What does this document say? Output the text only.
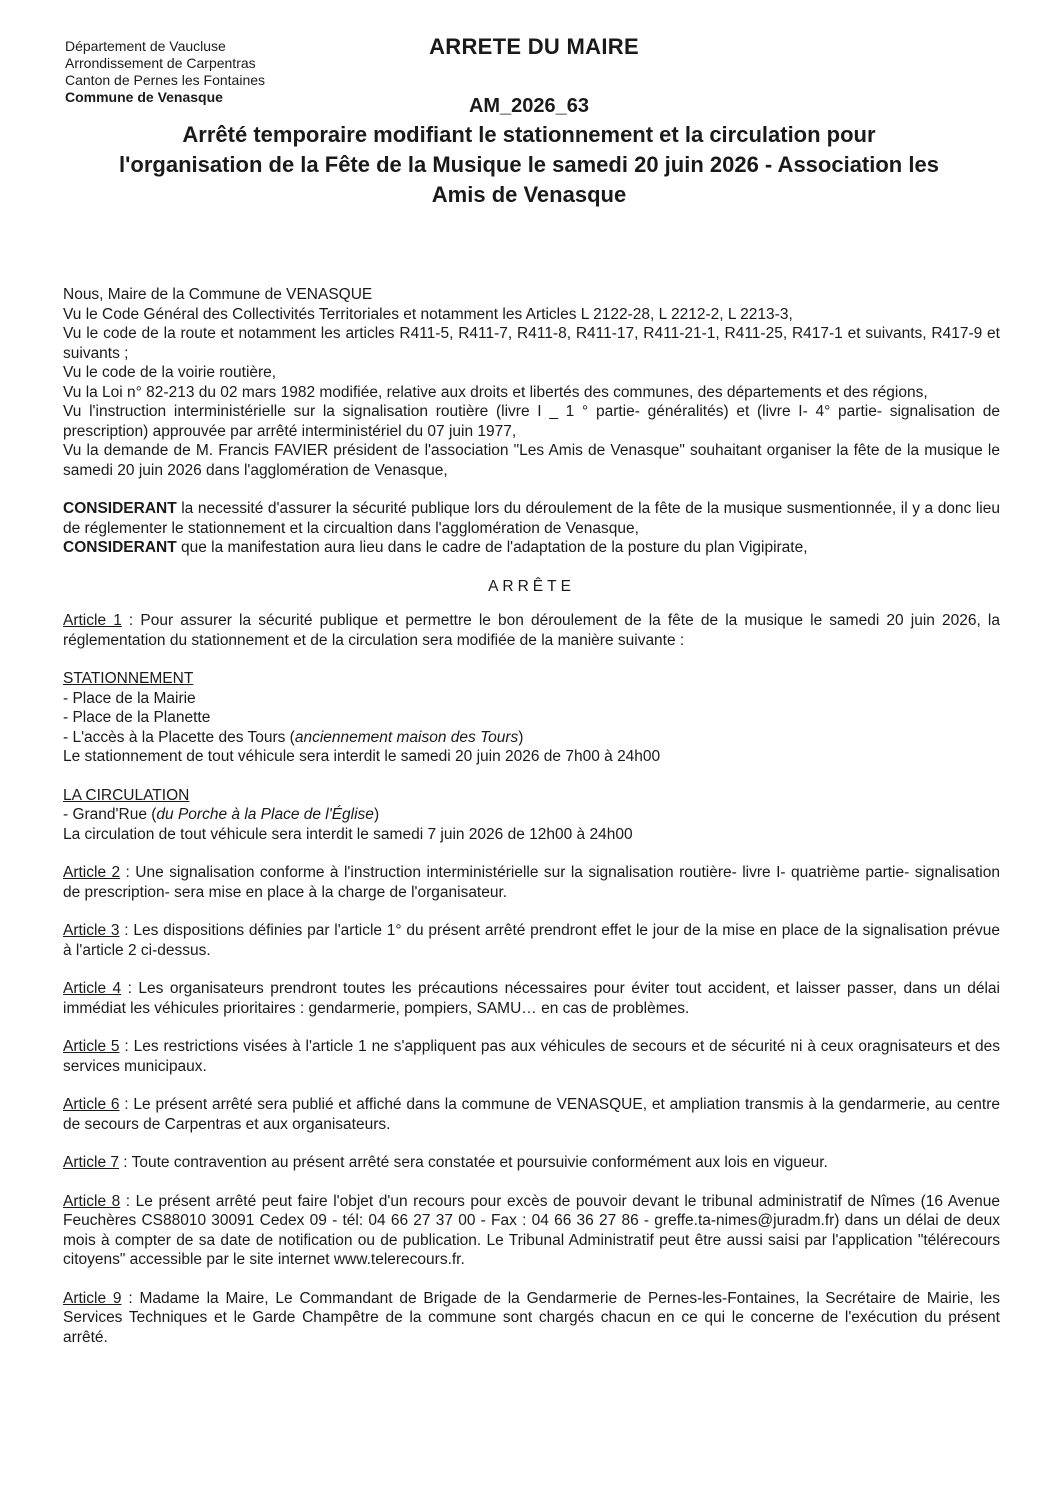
Département de Vaucluse
Arrondissement de Carpentras
Canton de Pernes les Fontaines
Commune de Venasque
ARRETE DU MAIRE
AM_2026_63
Arrêté temporaire modifiant le stationnement et la circulation pour
l'organisation de la Fête de la Musique le samedi 20 juin 2026 - Association les
Amis de Venasque

Nous, Maire de la Commune de VENASQUE

Vu le Code Général des Collectivités Territoriales et notamment les Articles L 2122-28, L 2212-2, L 2213-3,

Vu le code de la route et notamment les articles R411-5, R411-7, R411-8, R411-17, R411-21-1, R411-25, R417-1 et suivants, R417-9 et suivants ;

Vu le code de la voirie routière,

Vu la Loi n° 82-213 du 02 mars 1982 modifiée, relative aux droits et libertés des communes, des départements et des régions,

Vu l'instruction interministérielle sur la signalisation routière (livre I _ 1 ° partie- généralités) et (livre I- 4° partie- signalisation de prescription) approuvée par arrêté interministériel du 07 juin 1977,

Vu la demande de M. Francis FAVIER président de l'association "Les Amis de Venasque" souhaitant organiser la fête de la musique le samedi 20 juin 2026 dans l'agglomération de Venasque,

CONSIDERANT la necessité d'assurer la sécurité publique lors du déroulement de la fête de la musique susmentionnée, il y a donc lieu de réglementer le stationnement et la circualtion dans l'agglomération de Venasque,

CONSIDERANT que la manifestation aura lieu dans le cadre de l'adaptation de la posture du plan Vigipirate,

ARRÊTE

Article 1 : Pour assurer la sécurité publique et permettre le bon déroulement de la fête de la musique le samedi 20 juin 2026, la réglementation du stationnement et de la circulation sera modifiée de la manière suivante :

STATIONNEMENT

- Place de la Mairie

- Place de la Planette

- L'accès à la Placette des Tours (anciennement maison des Tours)

Le stationnement de tout véhicule sera interdit le samedi 20 juin 2026 de 7h00 à 24h00

LA CIRCULATION

- Grand'Rue (du Porche à la Place de l'Église)

La circulation de tout véhicule sera interdit le samedi 7 juin 2026 de 12h00 à 24h00

Article 2 : Une signalisation conforme à l'instruction interministérielle sur la signalisation routière- livre I- quatrième partie- signalisation de prescription- sera mise en place à la charge de l'organisateur.

Article 3 : Les dispositions définies par l'article 1° du présent arrêté prendront effet le jour de la mise en place de la signalisation prévue à l'article 2 ci-dessus.

Article 4 : Les organisateurs prendront toutes les précautions nécessaires pour éviter tout accident, et laisser passer, dans un délai immédiat les véhicules prioritaires : gendarmerie, pompiers, SAMU… en cas de problèmes.

Article 5 : Les restrictions visées à l'article 1 ne s'appliquent pas aux véhicules de secours et de sécurité ni à ceux oragnisateurs et des services municipaux.

Article 6 : Le présent arrêté sera publié et affiché dans la commune de VENASQUE, et ampliation transmis à la gendarmerie, au centre de secours de Carpentras et aux organisateurs.

Article 7 : Toute contravention au présent arrêté sera constatée et poursuivie conformément aux lois en vigueur.

Article 8 : Le présent arrêté peut faire l'objet d'un recours pour excès de pouvoir devant le tribunal administratif de Nîmes (16 Avenue Feuchères CS88010 30091 Cedex 09 - tél: 04 66 27 37 00 - Fax : 04 66 36 27 86 - greffe.ta-nimes@juradm.fr) dans un délai de deux mois à compter de sa date de notification ou de publication. Le Tribunal Administratif peut être aussi saisi par l'application "télérecours citoyens" accessible par le site internet www.telerecours.fr.

Article 9 : Madame la Maire, Le Commandant de Brigade de la Gendarmerie de Pernes-les-Fontaines, la Secrétaire de Mairie, les Services Techniques et le Garde Champêtre de la commune sont chargés chacun en ce qui le concerne de l'exécution du présent arrêté.
